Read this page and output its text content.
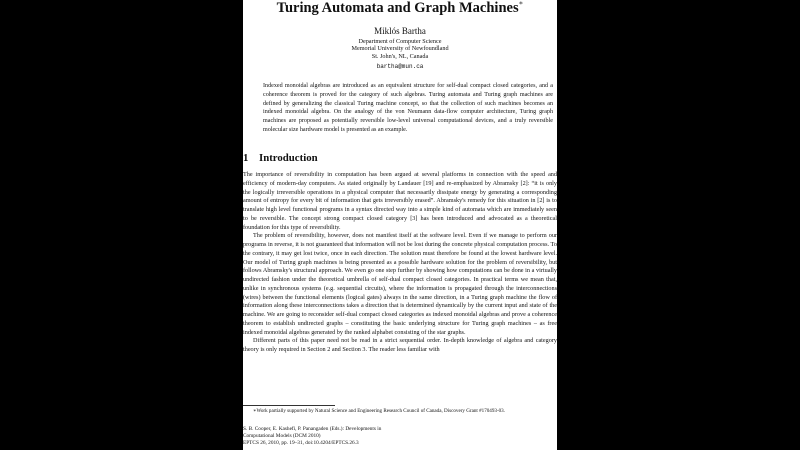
Turing Automata and Graph Machines∗
Miklós Bartha
Department of Computer Science
Memorial University of Newfoundland
St. John's, NL, Canada
bartha@mun.ca
Indexed monoidal algebras are introduced as an equivalent structure for self-dual compact closed categories, and a coherence theorem is proved for the category of such algebras. Turing automata and Turing graph machines are defined by generalizing the classical Turing machine concept, so that the collection of such machines becomes an indexed monoidal algebra. On the analogy of the von Neumann data-flow computer architecture, Turing graph machines are proposed as potentially reversible low-level universal computational devices, and a truly reversible molecular size hardware model is presented as an example.
1 Introduction

The importance of reversibility in computation has been argued at several platforms in connection with the speed and efficiency of modern-day computers. As stated originally by Landauer [19] and re-emphasized by Abramsky [2]: “it is only the logically irreversible operations in a physical computer that necessarily dissipate energy by generating a corresponding amount of entropy for every bit of information that gets irreversibly erased”. Abramsky's remedy for this situation in [2] is to translate high level functional programs in a syntax directed way into a simple kind of automata which are immediately seen to be reversible. The concept strong compact closed category [3] has been introduced and advocated as a theoretical foundation for this type of reversibility.

The problem of reversibility, however, does not manifest itself at the software level. Even if we manage to perform our programs in reverse, it is not guaranteed that information will not be lost during the concrete physical computation process. To the contrary, it may get lost twice, once in each direction. The solution must therefore be found at the lowest hardware level. Our model of Turing graph machines is being presented as a possible hardware solution for the problem of reversibility, but follows Abramsky's structural approach. We even go one step further by showing how computations can be done in a virtually undirected fashion under the theoretical umbrella of self-dual compact closed categories. In practical terms we mean that, unlike in synchronous systems (e.g. sequential circuits), where the information is propagated through the interconnections (wires) between the functional elements (logical gates) always in the same direction, in a Turing graph machine the flow of information along these interconnections takes a direction that is determined dynamically by the current input and state of the machine. We are going to reconsider self-dual compact closed categories as indexed monoidal algebras and prove a coherence theorem to establish undirected graphs – constituting the basic underlying structure for Turing graph machines – as free indexed monoidal algebras generated by the ranked alphabet consisting of the star graphs.

Different parts of this paper need not be read in a strict sequential order. In-depth knowledge of algebra and category theory is only required in Section 2 and Section 3. The reader less familiar with

∗Work partially supported by Natural Science and Engineering Research Council of Canada, Discovery Grant #170493-03.
S. B. Cooper, E. Kashefi, P. Panangaden (Eds.): Developments in
Computational Models (DCM 2010)
EPTCS 26, 2010, pp. 19–31, doi:10.4204/EPTCS.26.3
